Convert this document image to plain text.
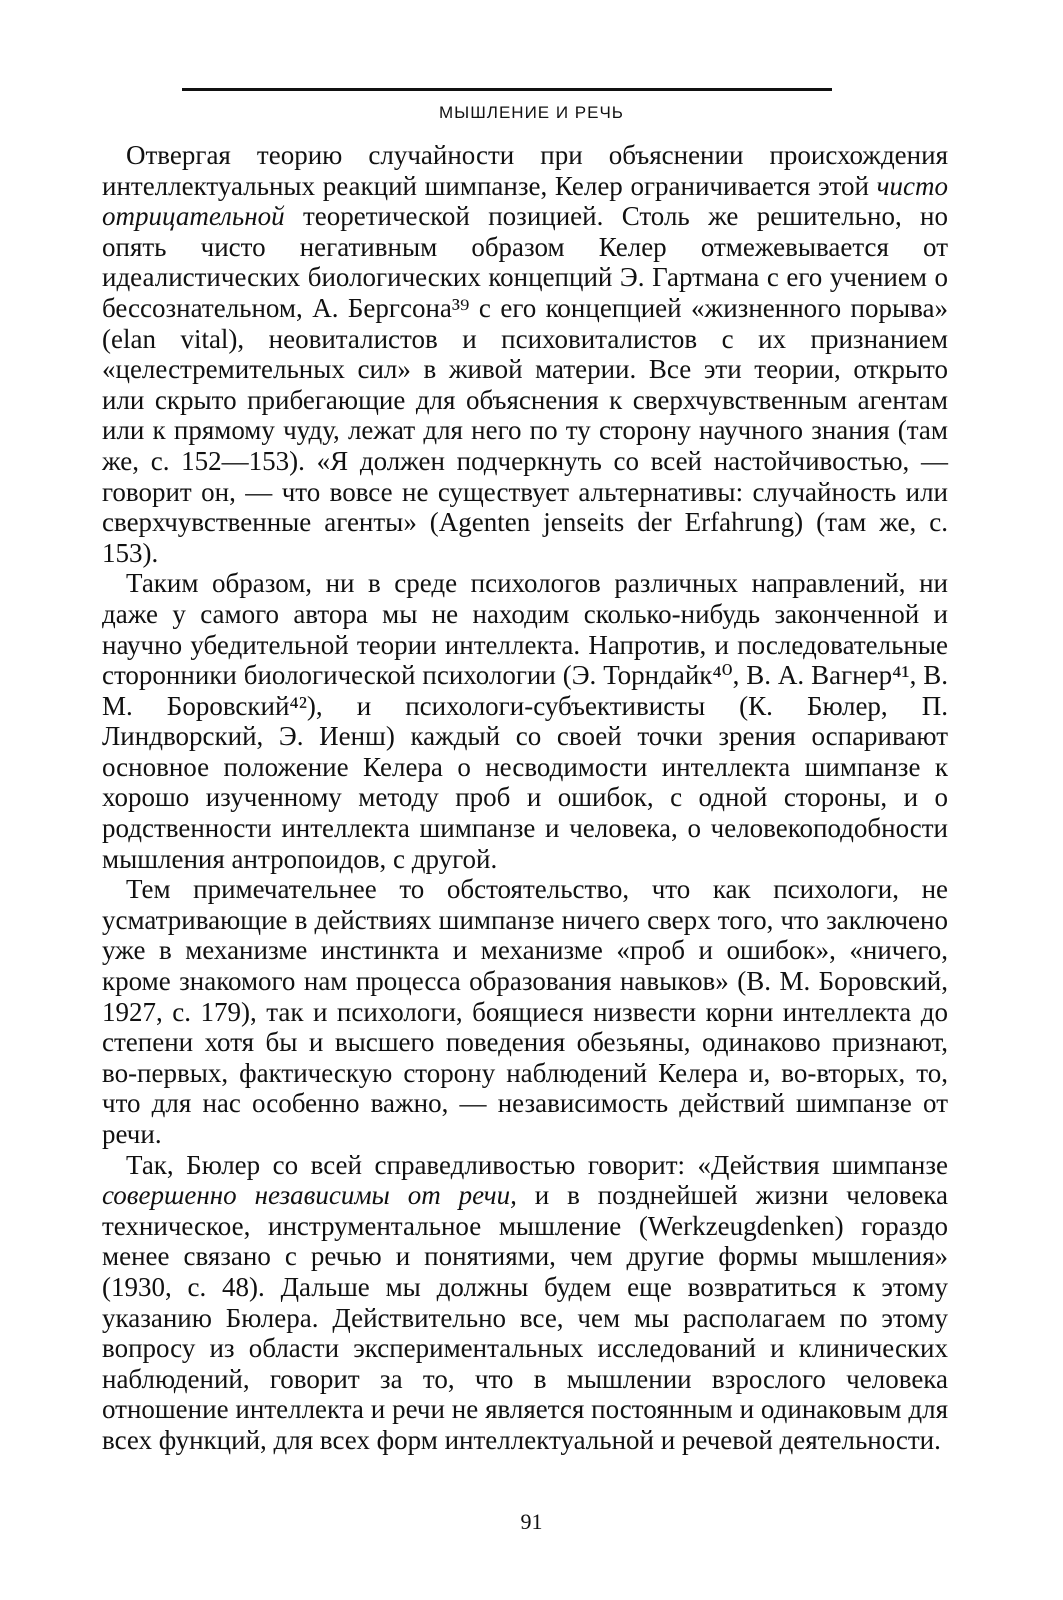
МЫШЛЕНИЕ И РЕЧЬ

Отвергая теорию случайности при объяснении происхождения интеллектуальных реакций шимпанзе, Келер ограничивается этой чисто отрицательной теоретической позицией. Столь же решительно, но опять чисто негативным образом Келер отмежевывается от идеалистических биологических концепций Э. Гартмана с его учением о бессознательном, А. Бергсона³⁹ с его концепцией «жизненного порыва» (elan vital), неовиталистов и психовиталистов с их признанием «целестремительных сил» в живой материи. Все эти теории, открыто или скрыто прибегающие для объяснения к сверхчувственным агентам или к прямому чуду, лежат для него по ту сторону научного знания (там же, с. 152—153). «Я должен подчеркнуть со всей настойчивостью, — говорит он, — что вовсе не существует альтернативы: случайность или сверхчувственные агенты» (Agenten jenseits der Erfahrung) (там же, с. 153).

Таким образом, ни в среде психологов различных направлений, ни даже у самого автора мы не находим сколько-нибудь законченной и научно убедительной теории интеллекта. Напротив, и последовательные сторонники биологической психологии (Э. Торндайк⁴⁰, В. А. Вагнер⁴¹, В. М. Боровский⁴²), и психологи-субъективисты (К. Бюлер, П. Линдворский, Э. Иенш) каждый со своей точки зрения оспаривают основное положение Келера о несводимости интеллекта шимпанзе к хорошо изученному методу проб и ошибок, с одной стороны, и о родственности интеллекта шимпанзе и человека, о человекоподобности мышления антропоидов, с другой.

Тем примечательнее то обстоятельство, что как психологи, не усматривающие в действиях шимпанзе ничего сверх того, что заключено уже в механизме инстинкта и механизме «проб и ошибок», «ничего, кроме знакомого нам процесса образования навыков» (В. М. Боровский, 1927, с. 179), так и психологи, боящиеся низвести корни интеллекта до степени хотя бы и высшего поведения обезьяны, одинаково признают, во-первых, фактическую сторону наблюдений Келера и, во-вторых, то, что для нас особенно важно, — независимость действий шимпанзе от речи.

Так, Бюлер со всей справедливостью говорит: «Действия шимпанзе совершенно независимы от речи, и в позднейшей жизни человека техническое, инструментальное мышление (Werkzeugdenken) гораздо менее связано с речью и понятиями, чем другие формы мышления» (1930, с. 48). Дальше мы должны будем еще возвратиться к этому указанию Бюлера. Действительно все, чем мы располагаем по этому вопросу из области экспериментальных исследований и клинических наблюдений, говорит за то, что в мышлении взрослого человека отношение интеллекта и речи не является постоянным и одинаковым для всех функций, для всех форм интеллектуальной и речевой деятельности.

91
